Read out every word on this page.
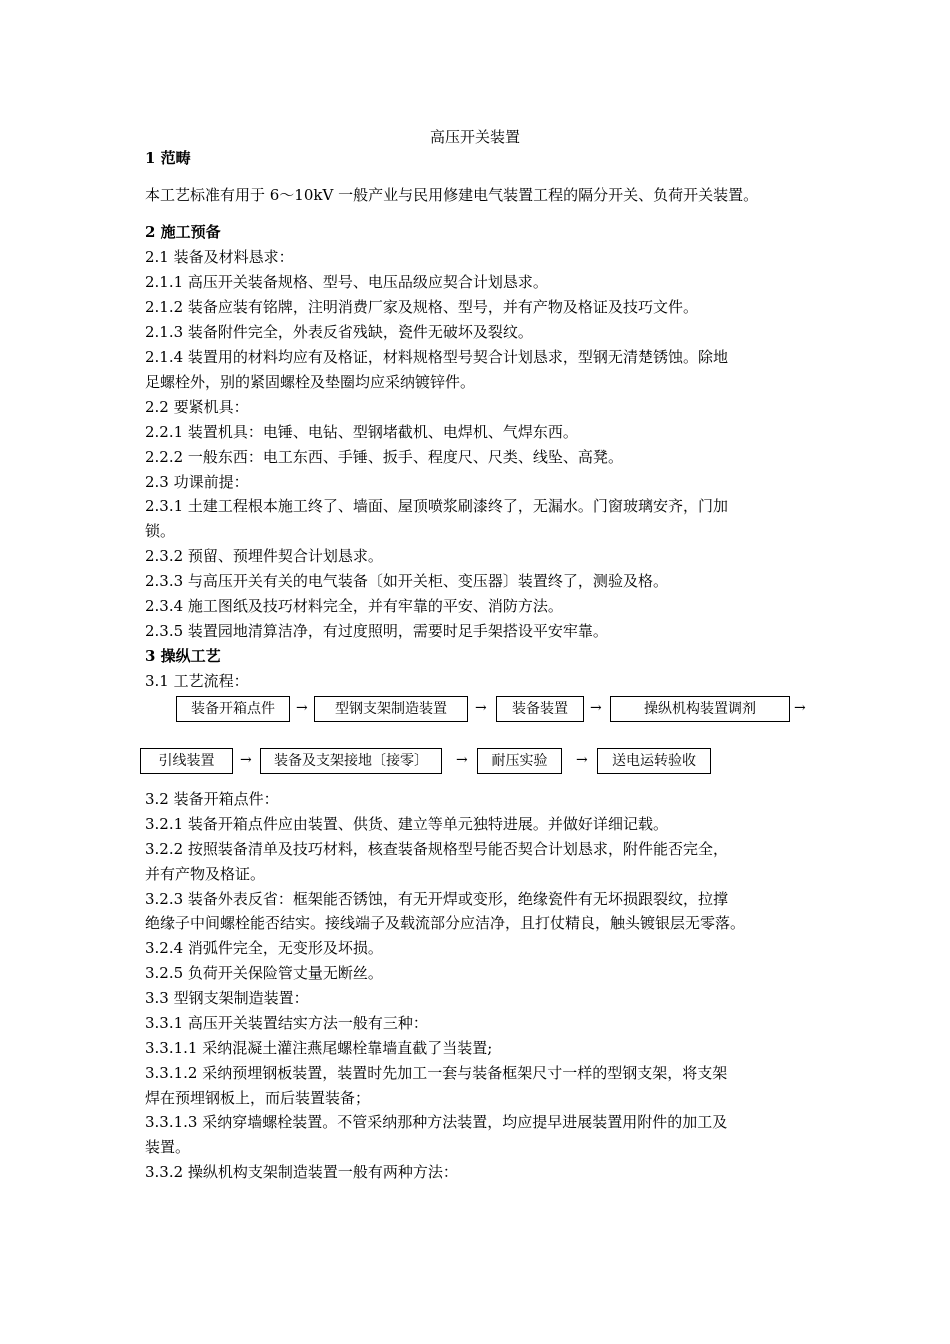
高压开关装置
1 范畴
本工艺标准有用于 6～10kV 一般产业与民用修建电气装置工程的隔分开关、负荷开关装置。
2 施工预备
2.1 装备及材料恳求：
2.1.1 高压开关装备规格、型号、电压品级应契合计划恳求。
2.1.2 装备应装有铭牌，注明消费厂家及规格、型号，并有产物及格证及技巧文件。
2.1.3 装备附件完全，外表反省残缺，瓷件无破坏及裂纹。
2.1.4 装置用的材料均应有及格证，材料规格型号契合计划恳求，型钢无清楚锈蚀。除地
足螺栓外，别的紧固螺栓及垫圈均应采纳镀锌件。
2.2 要紧机具：
2.2.1 装置机具：电锤、电钻、型钢堵截机、电焊机、气焊东西。
2.2.2 一般东西：电工东西、手锤、扳手、程度尺、尺类、线坠、高凳。
2.3 功课前提：
2.3.1 土建工程根本施工终了、墙面、屋顶喷浆刷漆终了，无漏水。门窗玻璃安齐，门加
锁。
2.3.2 预留、预埋件契合计划恳求。
2.3.3 与高压开关有关的电气装备〔如开关柜、变压器〕装置终了，测验及格。
2.3.4 施工图纸及技巧材料完全，并有牢靠的平安、消防方法。
2.3.5 装置园地清算洁净，有过度照明，需要时足手架搭设平安牢靠。
3 操纵工艺
3.1 工艺流程：
装备开箱点件	→	型钢支架制造装置	→	装备装置	→	操纵机构装置调剂	→
引线装置	→	装备及支架接地〔接零〕	→	耐压实验	→	送电运转验收
3.2 装备开箱点件：
3.2.1 装备开箱点件应由装置、供货、建立等单元独特进展。并做好详细记载。
3.2.2 按照装备清单及技巧材料，核查装备规格型号能否契合计划恳求，附件能否完全，
并有产物及格证。
3.2.3 装备外表反省：框架能否锈蚀，有无开焊或变形，绝缘瓷件有无坏损跟裂纹，拉撑
绝缘子中间螺栓能否结实。接线端子及载流部分应洁净，且打仗精良，触头镀银层无零落。
3.2.4 消弧件完全，无变形及坏损。
3.2.5 负荷开关保险管丈量无断丝。
3.3 型钢支架制造装置：
3.3.1 高压开关装置结实方法一般有三种：
3.3.1.1 采纳混凝土灌注燕尾螺栓靠墙直截了当装置;
3.3.1.2 采纳预埋钢板装置，装置时先加工一套与装备框架尺寸一样的型钢支架，将支架
焊在预埋钢板上，而后装置装备；
3.3.1.3 采纳穿墙螺栓装置。不管采纳那种方法装置，均应提早进展装置用附件的加工及
装置。
3.3.2 操纵机构支架制造装置一般有两种方法：
